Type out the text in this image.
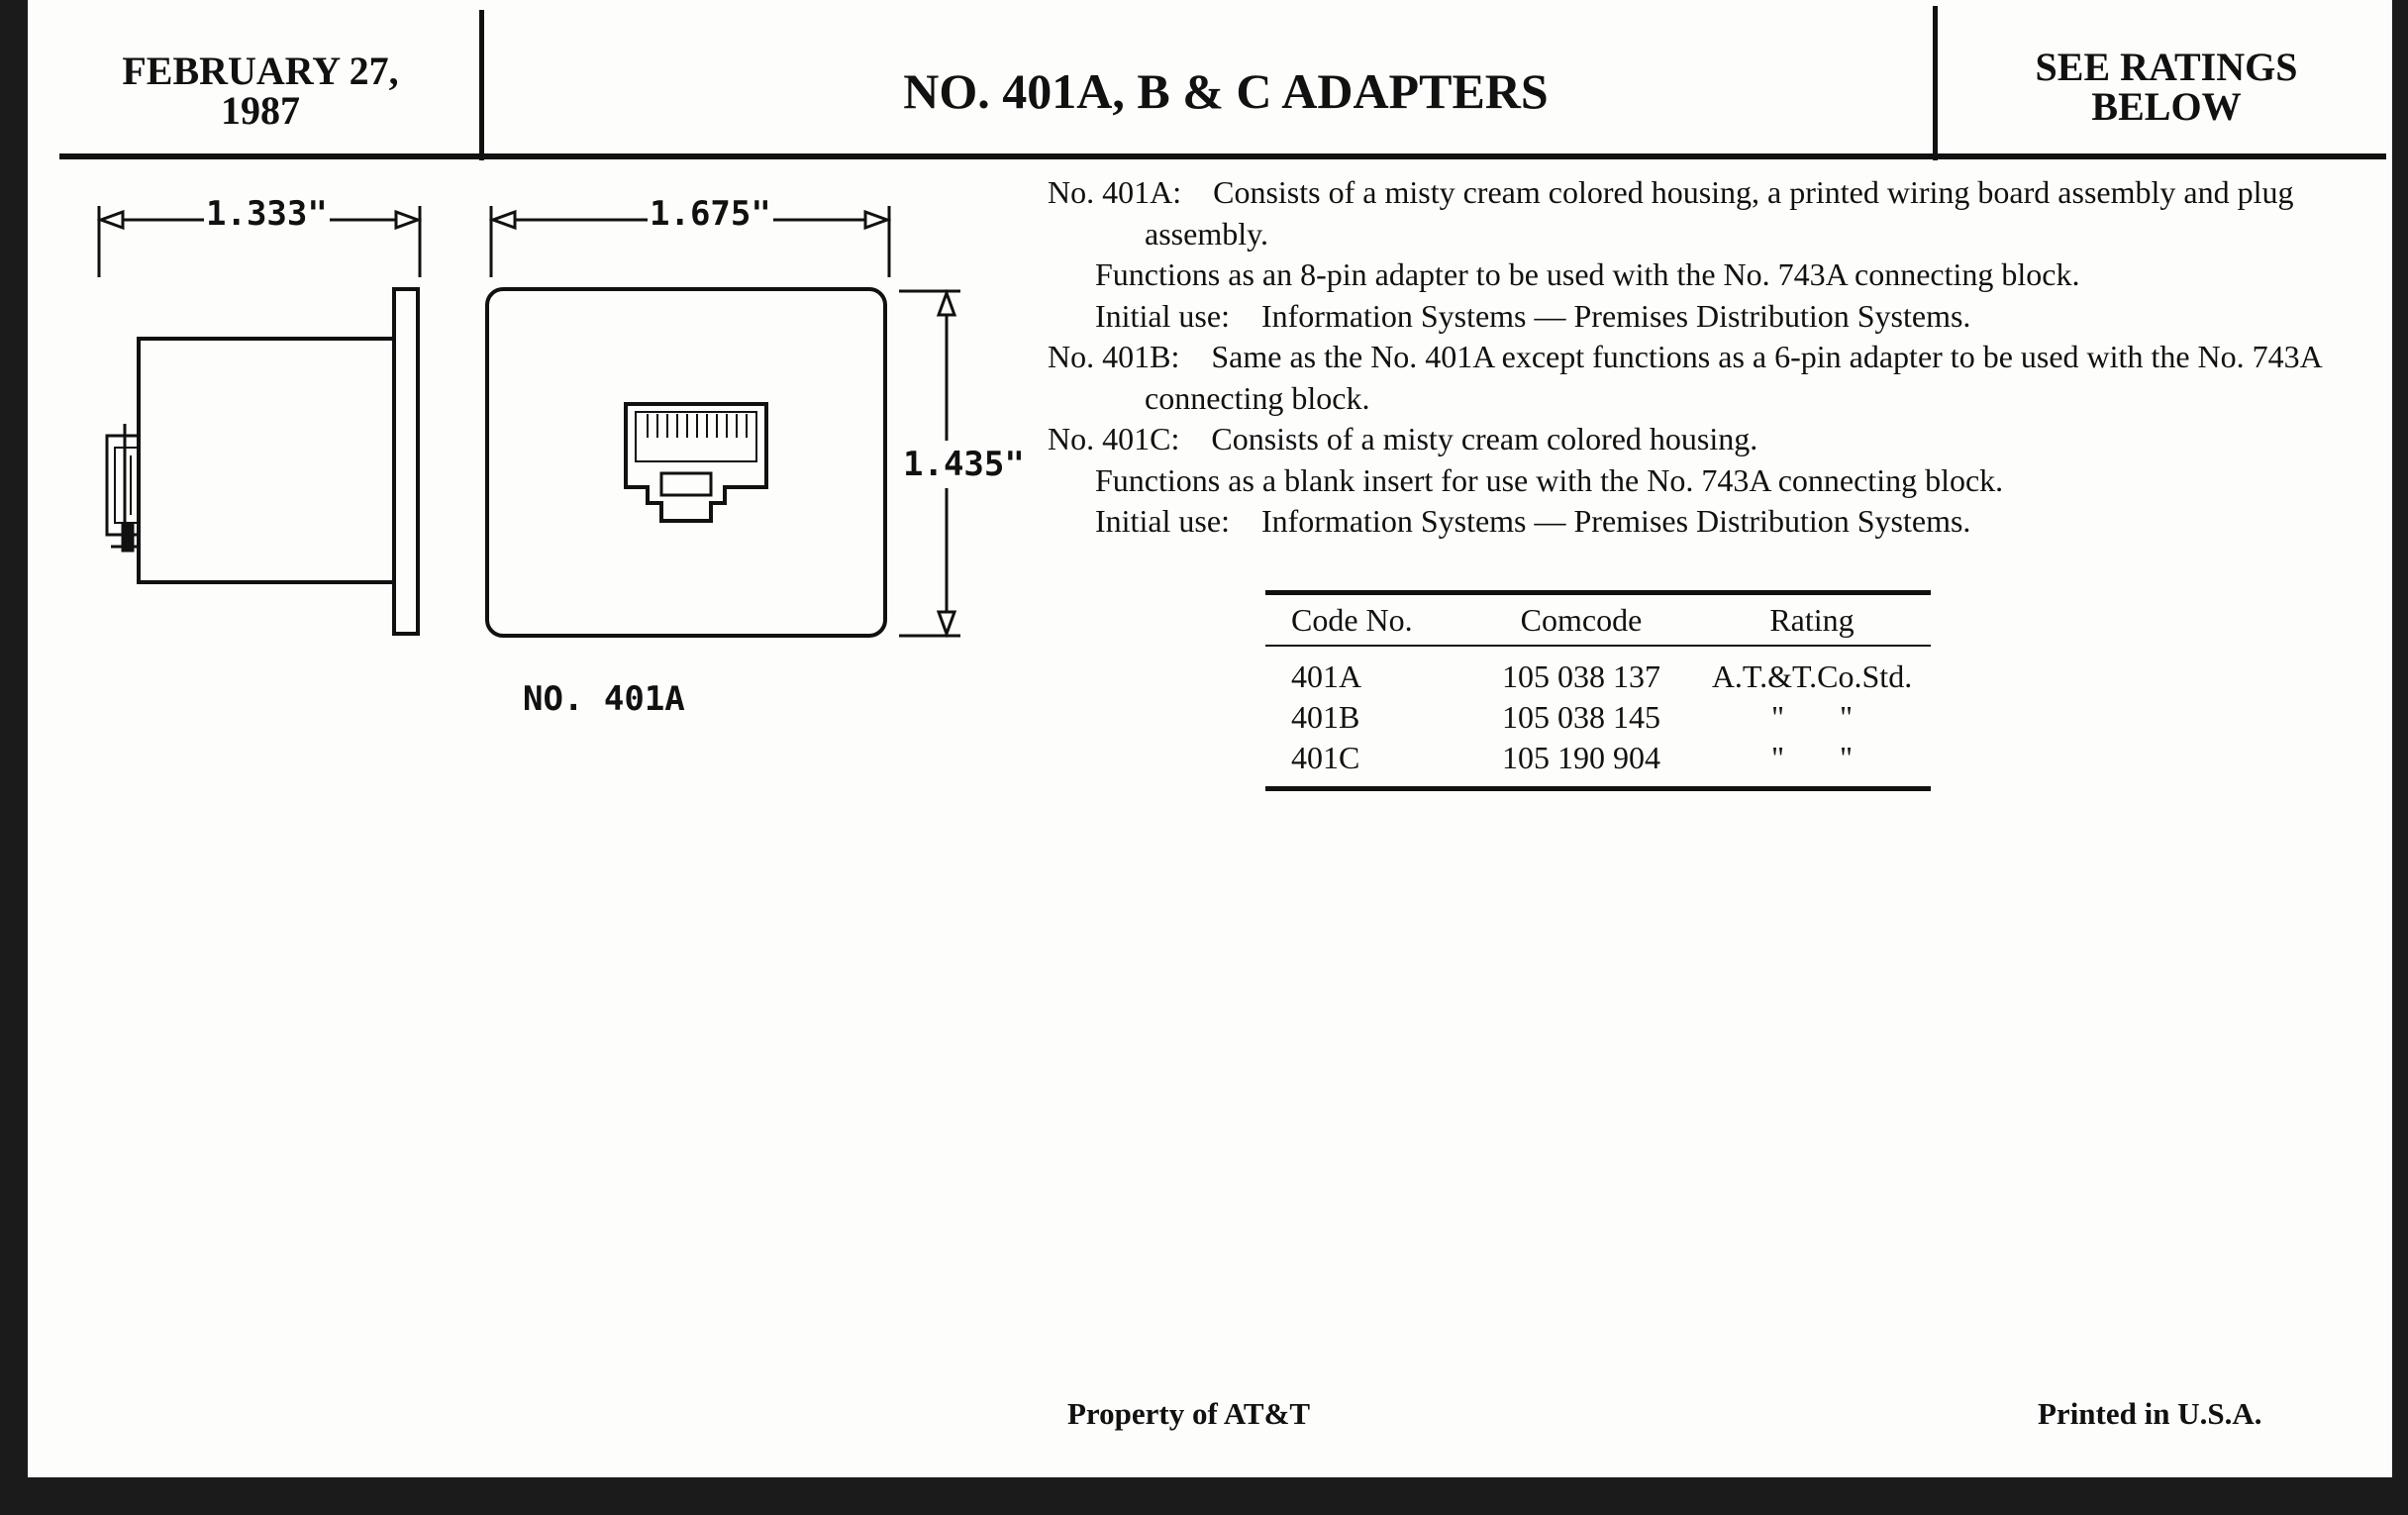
FEBRUARY 27,
1987	NO. 401A, B & C ADAPTERS	SEE RATINGS
BELOW
1.333"	1.675"
1.435"
NO. 401A
No. 401A: Consists of a misty cream colored housing, a printed wiring board assembly and plug assembly.
Functions as an 8-pin adapter to be used with the No. 743A connecting block.
Initial use: Information Systems — Premises Distribution Systems.
No. 401B: Same as the No. 401A except functions as a 6-pin adapter to be used with the No. 743A connecting block.
No. 401C: Consists of a misty cream colored housing.
Functions as a blank insert for use with the No. 743A connecting block.
Initial use: Information Systems — Premises Distribution Systems.
Code No.	Comcode	Rating
401A	105 038 137	A.T.&T.Co.Std.
401B	105 038 145	"       "
401C	105 190 904	"       "
Property of AT&T	Printed in U.S.A.
